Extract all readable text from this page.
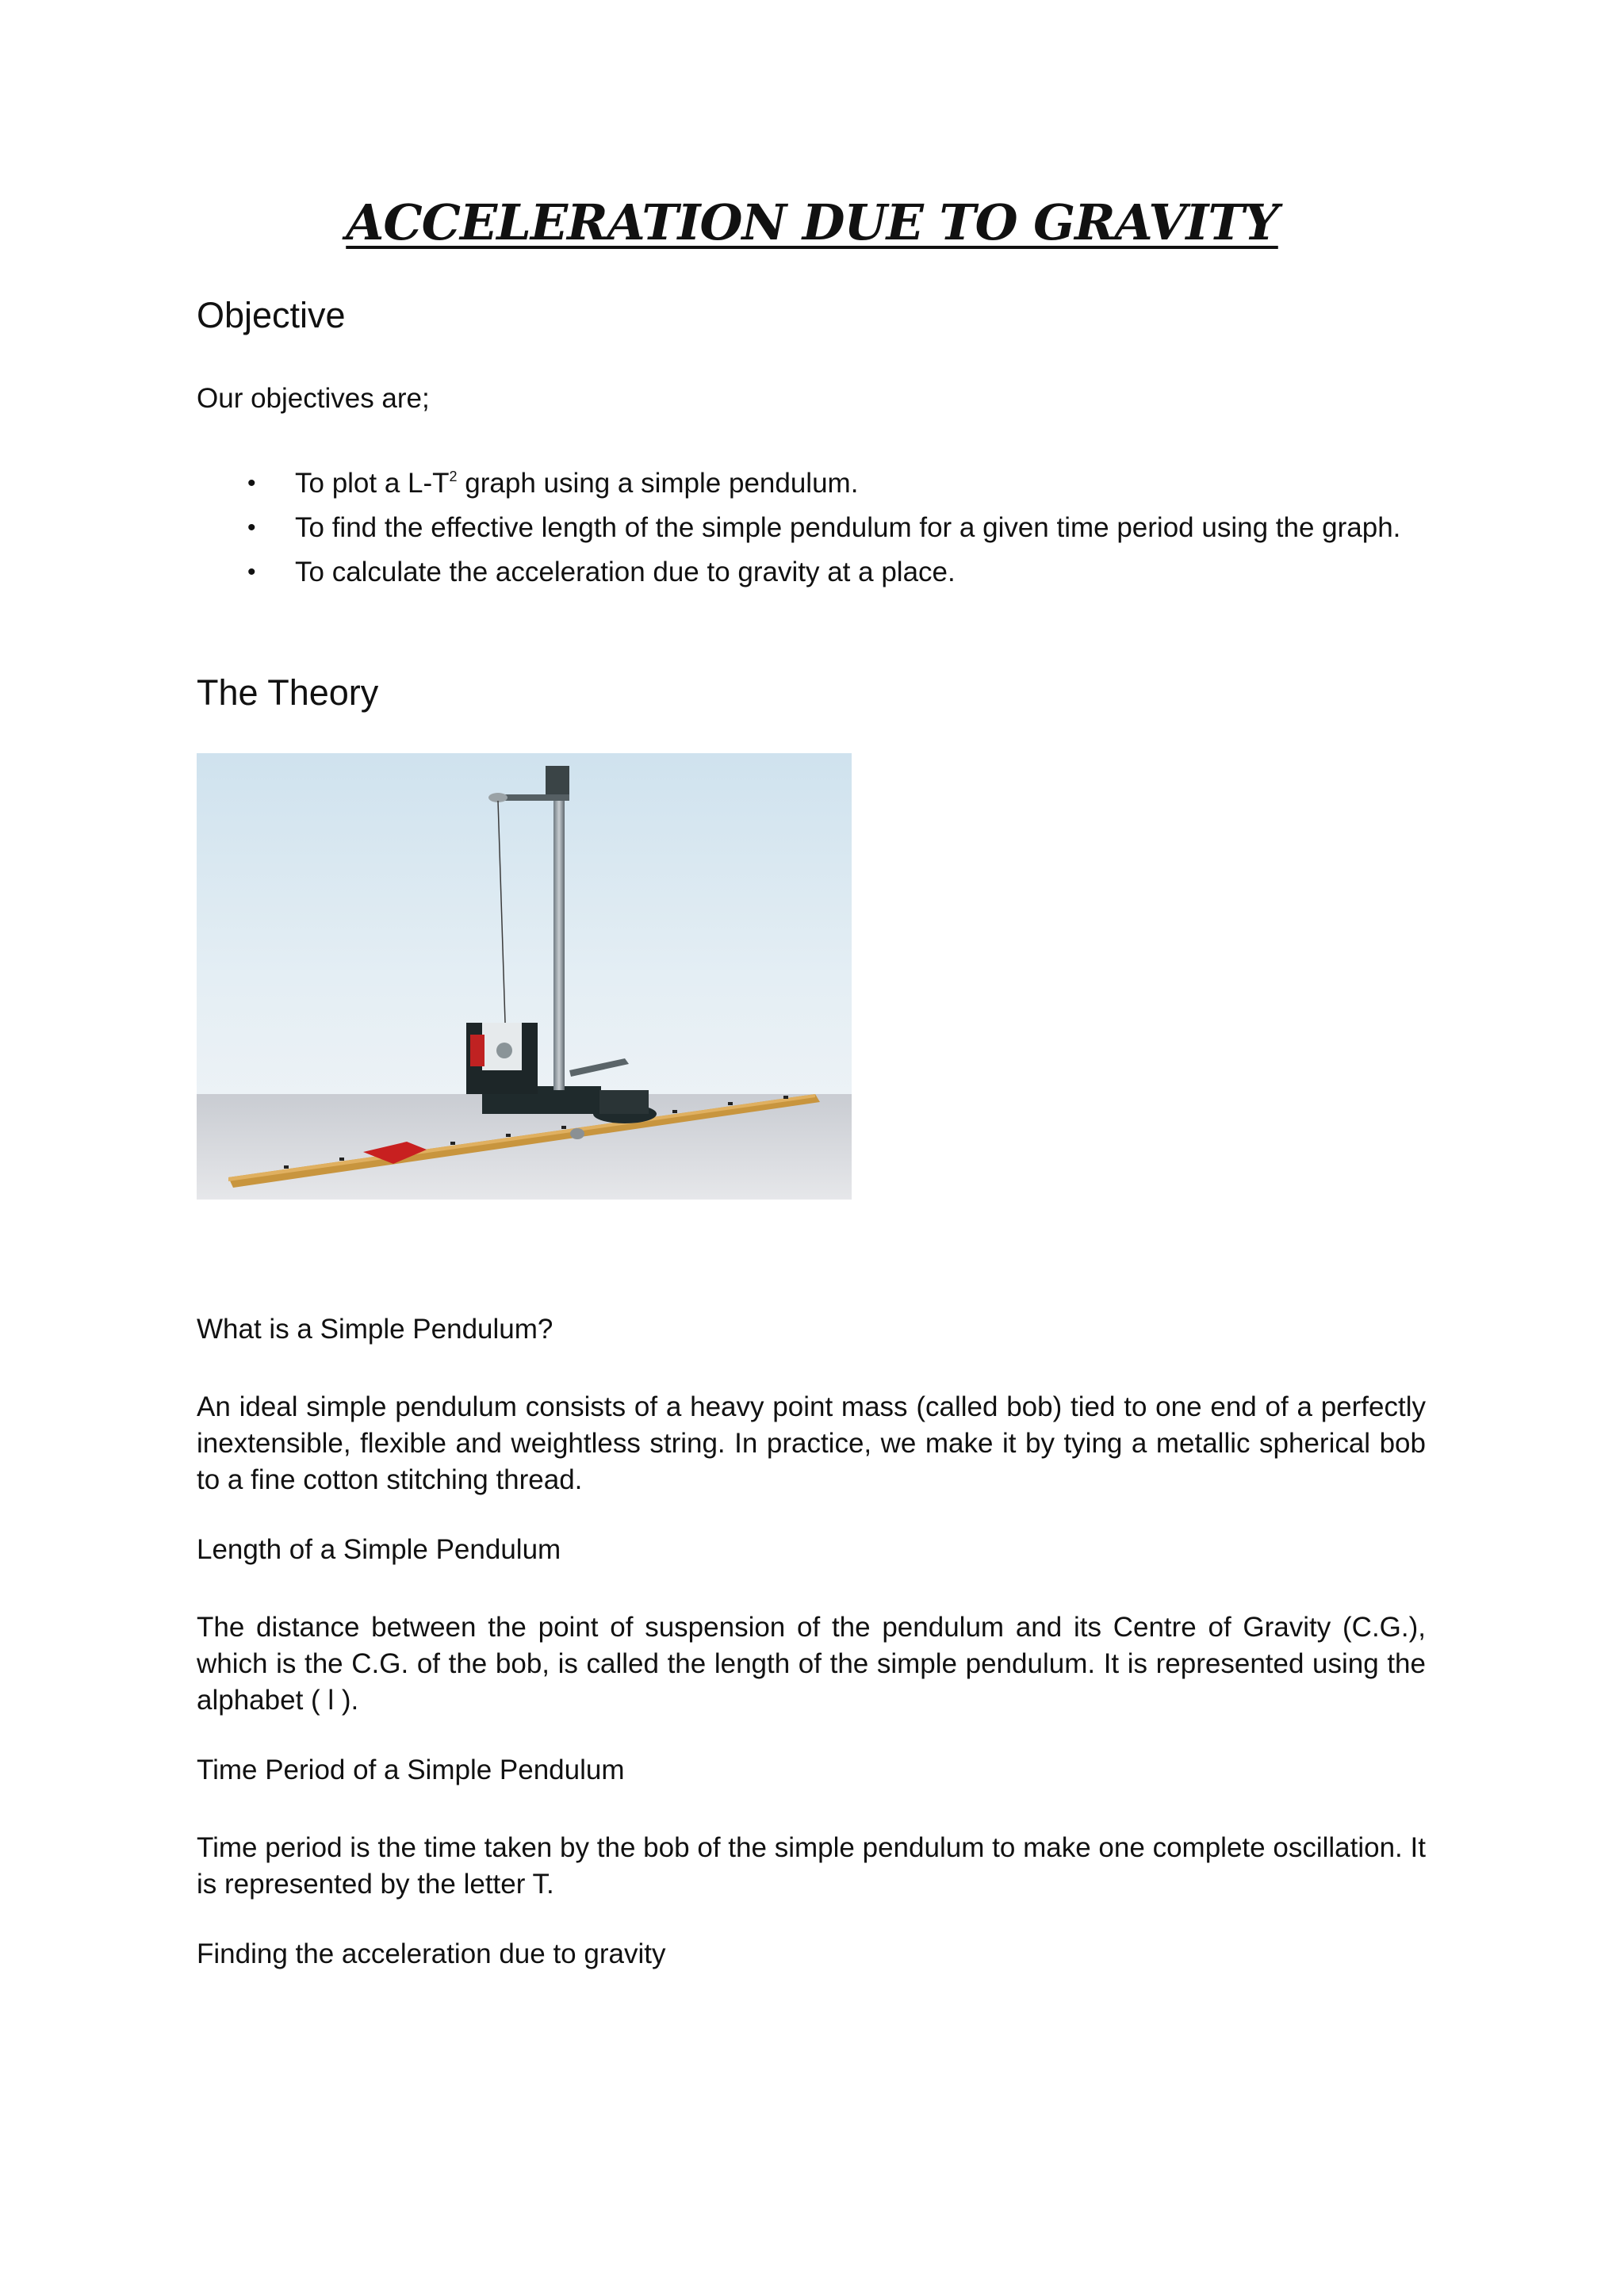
ACCELERATION DUE TO GRAVITY
Objective

Our objectives are;

• To plot a $L-T^2$ graph using a simple pendulum.
• To find the effective length of the simple pendulum for a given time period using the graph.
• To calculate the acceleration due to gravity at a place.
The Theory

What is a Simple Pendulum?

An ideal simple pendulum consists of a heavy point mass (called bob) tied to one end of a perfectly inextensible, flexible and weightless string. In practice, we make it by tying a metallic spherical bob to a fine cotton stitching thread.

Length of a Simple Pendulum

The distance between the point of suspension of the pendulum and its Centre of Gravity (C.G.), which is the C.G. of the bob, is called the length of the simple pendulum. It is represented using the alphabet ( l ).

Time Period of a Simple Pendulum

Time period is the time taken by the bob of the simple pendulum to make one complete oscillation. It is represented by the letter T.

Finding the acceleration due to gravity
